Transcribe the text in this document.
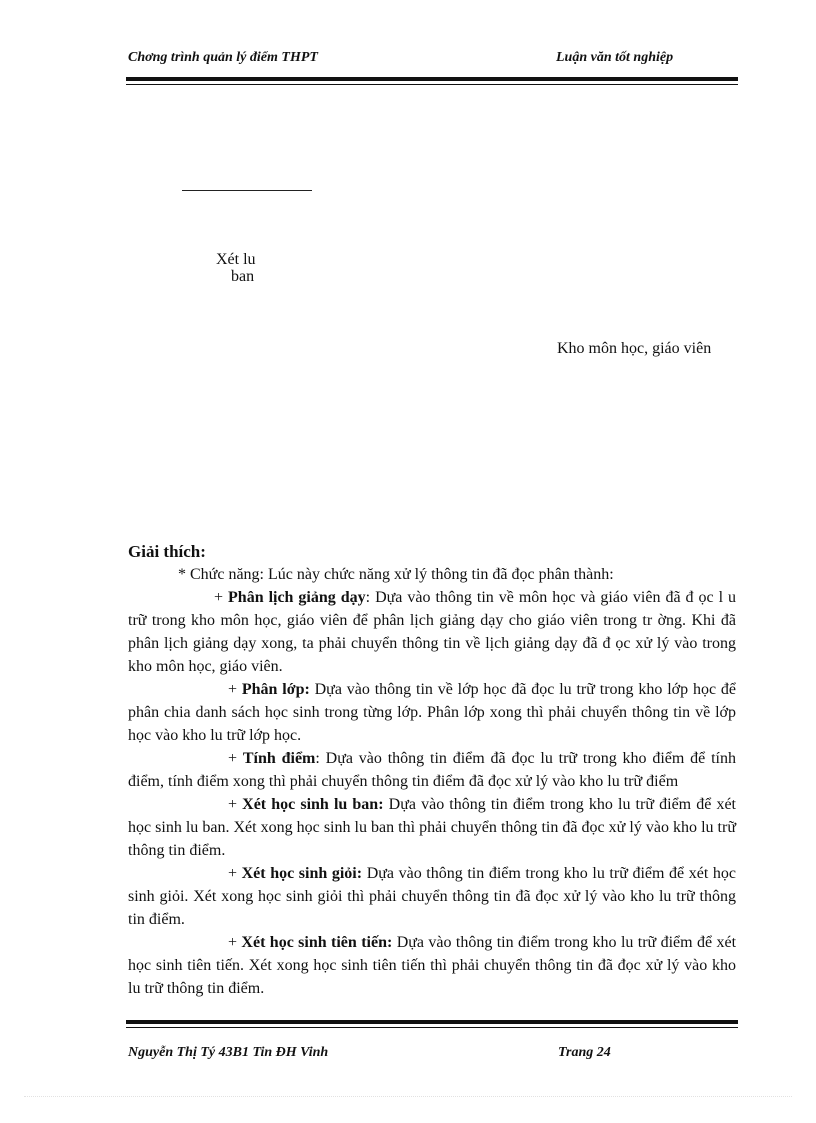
Chơng trình quản lý điểm THPT	Luận văn tốt nghiệp
Xét lu
ban
Kho môn học, giáo viên

Giải thích:

* Chức năng: Lúc này chức năng xử lý thông tin đã đọc phân thành:

+ Phân lịch giảng dạy: Dựa vào thông tin về môn học và giáo viên đã đ ọc l u trữ trong kho môn học, giáo viên để phân lịch giảng dạy cho giáo viên trong tr ờng. Khi đã phân lịch giảng dạy xong, ta phải chuyển thông tin về lịch giảng dạy đã đ ọc xử lý vào trong kho môn học, giáo viên.

+ Phân lớp: Dựa vào thông tin về lớp học đã đọc lu trữ trong kho lớp học để phân chia danh sách học sinh trong từng lớp. Phân lớp xong thì phải chuyển thông tin về lớp học vào kho lu trữ lớp học.

+ Tính điểm: Dựa vào thông tin điểm đã đọc lu trữ trong kho điểm để tính điểm, tính điểm xong thì phải chuyển thông tin điểm đã đọc xử lý vào kho lu trữ điểm

+ Xét học sinh lu ban: Dựa vào thông tin điểm trong kho lu trữ điểm để xét học sinh lu ban. Xét xong học sinh lu ban thì phải chuyển thông tin đã đọc xử lý vào kho lu trữ thông tin điểm.

+ Xét học sinh giỏi: Dựa vào thông tin điểm trong kho lu trữ điểm để xét học sinh giỏi. Xét xong học sinh giỏi thì phải chuyển thông tin đã đọc xử lý vào kho lu trữ thông tin điểm.

+ Xét học sinh tiên tiến: Dựa vào thông tin điểm trong kho lu trữ điểm để xét học sinh tiên tiến. Xét xong học sinh tiên tiến thì phải chuyển thông tin đã đọc xử lý vào kho lu trữ thông tin điểm.

Nguyễn Thị Tý 43B1 Tin ĐH Vinh	Trang 24
